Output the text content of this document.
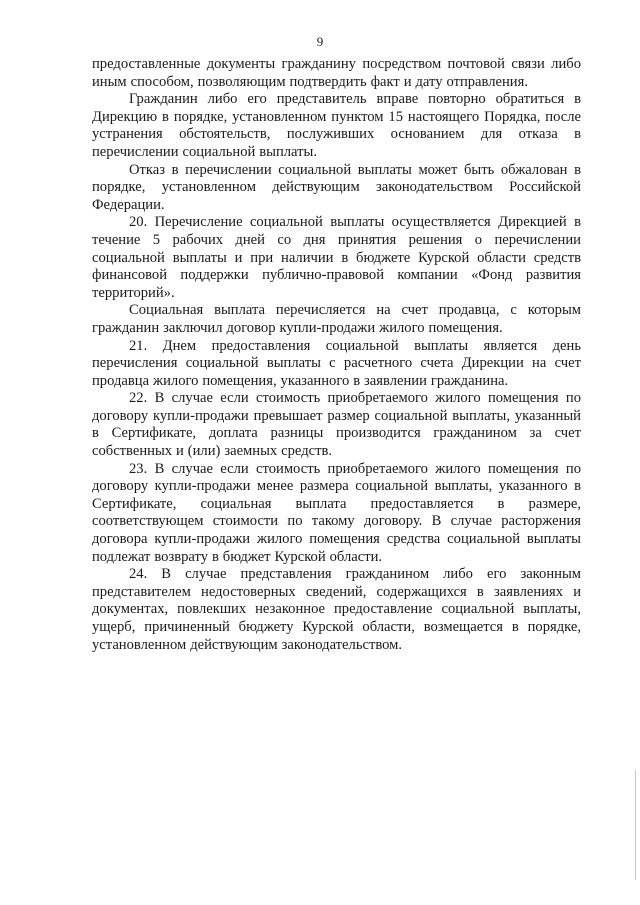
9

предоставленные документы гражданину посредством почтовой связи либо иным способом, позволяющим подтвердить факт и дату отправления.

Гражданин либо его представитель вправе повторно обратиться в Дирекцию в порядке, установленном пунктом 15 настоящего Порядка, после устранения обстоятельств, послуживших основанием для отказа в перечислении социальной выплаты.

Отказ в перечислении социальной выплаты может быть обжалован в порядке, установленном действующим законодательством Российской Федерации.

20. Перечисление социальной выплаты осуществляется Дирекцией в течение 5 рабочих дней со дня принятия решения о перечислении социальной выплаты и при наличии в бюджете Курской области средств финансовой поддержки публично-правовой компании «Фонд развития территорий».

Социальная выплата перечисляется на счет продавца, с которым гражданин заключил договор купли-продажи жилого помещения.

21. Днем предоставления социальной выплаты является день перечисления социальной выплаты с расчетного счета Дирекции на счет продавца жилого помещения, указанного в заявлении гражданина.

22. В случае если стоимость приобретаемого жилого помещения по договору купли-продажи превышает размер социальной выплаты, указанный в Сертификате, доплата разницы производится гражданином за счет собственных и (или) заемных средств.

23. В случае если стоимость приобретаемого жилого помещения по договору купли-продажи менее размера социальной выплаты, указанного в Сертификате, социальная выплата предоставляется в размере, соответствующем стоимости по такому договору. В случае расторжения договора купли-продажи жилого помещения средства социальной выплаты подлежат возврату в бюджет Курской области.

24. В случае представления гражданином либо его законным представителем недостоверных сведений, содержащихся в заявлениях и документах, повлекших незаконное предоставление социальной выплаты, ущерб, причиненный бюджету Курской области, возмещается в порядке, установленном действующим законодательством.
